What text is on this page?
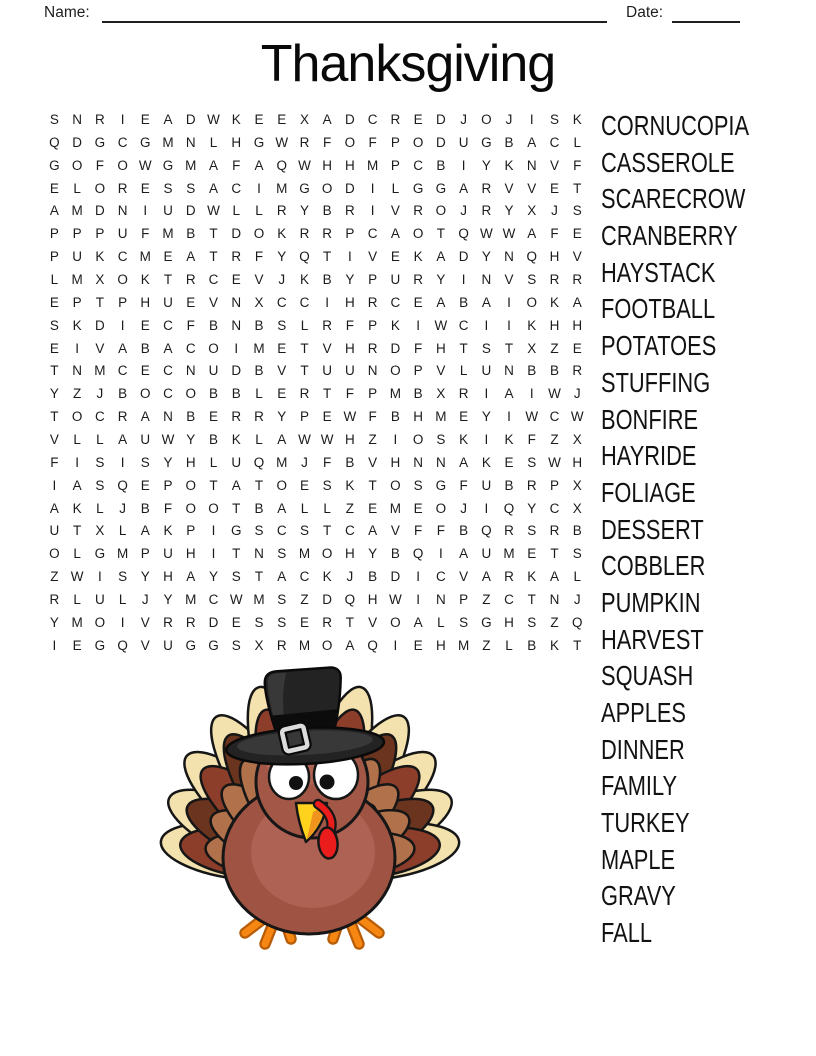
Name:	Date:
Thanksgiving
S N R	I	E	A D W K	E	E	X	A D C R E D	J	O	J	I	S	K
Q D G C G M N	L	H G W R	F O F	P O D U G B	A C	L
G O F O W G M A	F	A Q W H H M P C B	I	Y	K N V	F
E	L	O R E	S	S	A C	I	M G O D	I	L	G G A R V	V	E	T
A M D N	I	U D W L	L	R Y	B R	I	V R O	J	R Y	X	J	S
P	P	P U	F M B	T	D O K R R P C A O T Q W W A	F	E
P U K C M E	A	T	R	F	Y Q T	I	V	E	K	A D Y N Q H V
L M X O K	T	R C E	V	J	K	B	Y	P U R Y	I	N V	S R R
E	P	T	P H U E	V N X C C	I	H R C E	A	B	A	I	O K	A
S	K D	I	E C	F	B N B	S	L	R	F	P	K	I	W C	I	I	K H H
E	I	V	A	B	A C O	I	M E	T	V H R D	F	H	T	S	T	X	Z	E
T	N M C E C N U D B	V	T	U U N O P	V	L	U N B	B R
Y	Z	J	B O C O B	B	L	E R	T	F	P M B	X R	I	A	I	W J
T O C R A N B	E R R Y	P	E W F	B H M E	Y	I	W C W
V	L	L	A U W Y	B	K	L	A W W H	Z	I	O S	K	I	K	F	Z	X
F	I	S	I	S	Y H	L	U Q M	J	F	B	V H N N A	K	E	S W H
I	A	S Q E	P O T	A	T O E	S	K	T O S G F	U B R P	X
A	K	L	J	B	F O O T	B	A	L	L	Z	E M E O	J	I	Q Y C X
U	T	X	L	A	K	P	I	G S C S	T	C A	V	F	F	B Q R S R B
O	L	G M P U H	I	T	N S M O H Y	B Q	I	A U M E	T	S
Z W	I	S	Y H A	Y	S	T	A C K	J	B D	I	C V	A R K	A	L
R	L	U	L	J	Y M C W M S	Z	D Q H W	I	N P	Z	C	T	N	J
Y M O	I	V R R D E	S	S	E R	T	V O A	L	S G H S	Z Q
I	E G Q V U G G S	X R M O A Q	I	E H M Z	L	B	K	T
CORNUCOPIA
CASSEROLE
SCARECROW
CRANBERRY
HAYSTACK
FOOTBALL
POTATOES
STUFFING
BONFIRE
HAYRIDE
FOLIAGE
DESSERT
COBBLER
PUMPKIN
HARVEST
SQUASH
APPLES
DINNER
FAMILY
TURKEY
MAPLE
GRAVY
FALL
